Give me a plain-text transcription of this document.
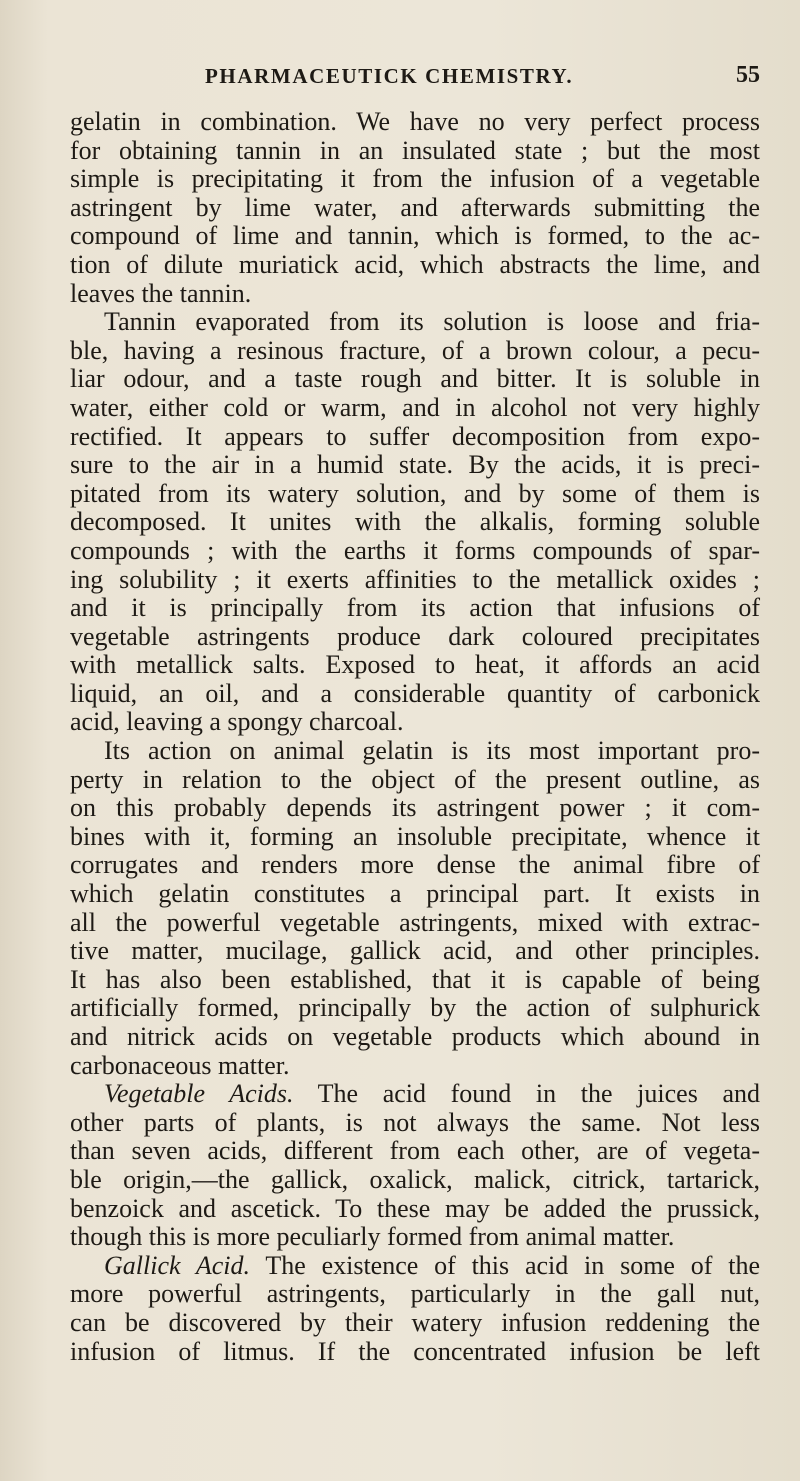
PHARMACEUTICK CHEMISTRY.	55
gelatin in combination. We have no very perfect process
for obtaining tannin in an insulated state ; but the most
simple is precipitating it from the infusion of a vegetable
astringent by lime water, and afterwards submitting the
compound of lime and tannin, which is formed, to the ac-
tion of dilute muriatick acid, which abstracts the lime, and
leaves the tannin.
Tannin evaporated from its solution is loose and fria-
ble, having a resinous fracture, of a brown colour, a pecu-
liar odour, and a taste rough and bitter. It is soluble in
water, either cold or warm, and in alcohol not very highly
rectified. It appears to suffer decomposition from expo-
sure to the air in a humid state. By the acids, it is preci-
pitated from its watery solution, and by some of them is
decomposed. It unites with the alkalis, forming soluble
compounds ; with the earths it forms compounds of spar-
ing solubility ; it exerts affinities to the metallick oxides ;
and it is principally from its action that infusions of
vegetable astringents produce dark coloured precipitates
with metallick salts. Exposed to heat, it affords an acid
liquid, an oil, and a considerable quantity of carbonick
acid, leaving a spongy charcoal.
Its action on animal gelatin is its most important pro-
perty in relation to the object of the present outline, as
on this probably depends its astringent power ; it com-
bines with it, forming an insoluble precipitate, whence it
corrugates and renders more dense the animal fibre of
which gelatin constitutes a principal part. It exists in
all the powerful vegetable astringents, mixed with extrac-
tive matter, mucilage, gallick acid, and other principles.
It has also been established, that it is capable of being
artificially formed, principally by the action of sulphurick
and nitrick acids on vegetable products which abound in
carbonaceous matter.
Vegetable Acids. The acid found in the juices and
other parts of plants, is not always the same. Not less
than seven acids, different from each other, are of vegeta-
ble origin,—the gallick, oxalick, malick, citrick, tartarick,
benzoick and ascetick. To these may be added the prussick,
though this is more peculiarly formed from animal matter.
Gallick Acid. The existence of this acid in some of the
more powerful astringents, particularly in the gall nut,
can be discovered by their watery infusion reddening the
infusion of litmus. If the concentrated infusion be left
